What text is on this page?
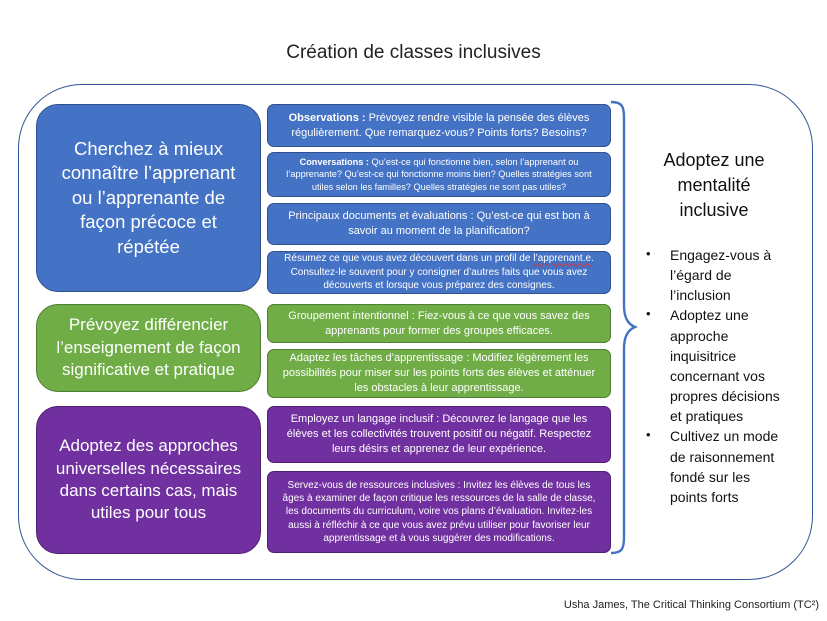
Création de classes inclusives
Cherchez à mieux connaître l’apprenant ou l’apprenante de façon précoce et répétée
Prévoyez différencier l’enseignement de façon significative et pratique
Adoptez des approches universelles nécessaires dans certains cas, mais utiles pour tous
Observations : Prévoyez rendre visible la pensée des élèves régulièrement. Que remarquez-vous? Points forts? Besoins?
Conversations : Qu’est-ce qui fonctionne bien, selon l’apprenant ou l’apprenante? Qu’est-ce qui fonctionne moins bien? Quelles stratégies sont utiles selon les familles? Quelles stratégies ne sont pas utiles?
Principaux documents et évaluations : Qu’est-ce qui est bon à savoir au moment de la planification?
Résumez ce que vous avez découvert dans un profil de l’apprenant.e. Consultez-le souvent pour y consigner d’autres faits que vous avez découverts et lorsque vous préparez des consignes.
Groupement intentionnel : Fiez-vous à ce que vous savez des apprenants pour former des groupes efficaces.
Adaptez les tâches d’apprentissage : Modifiez légèrement les possibilités pour miser sur les points forts des élèves et atténuer les obstacles à leur apprentissage.
Employez un langage inclusif : Découvrez le langage que les élèves et les collectivités trouvent positif ou négatif. Respectez leurs désirs et apprenez de leur expérience.
Servez-vous de ressources inclusives : Invitez les élèves de tous les âges à examiner de façon critique les ressources de la salle de classe, les documents du curriculum, voire vos plans d’évaluation. Invitez-les aussi à réfléchir à ce que vous avez prévu utiliser pour favoriser leur apprentissage et à vous suggérer des modifications.
Adoptez une mentalité inclusive
• Engagez-vous à l’égard de l’inclusion
• Adoptez une approche inquisitrice concernant vos propres décisions et pratiques
• Cultivez un mode de raisonnement fondé sur les points forts
Usha James, The Critical Thinking Consortium (TC²)
